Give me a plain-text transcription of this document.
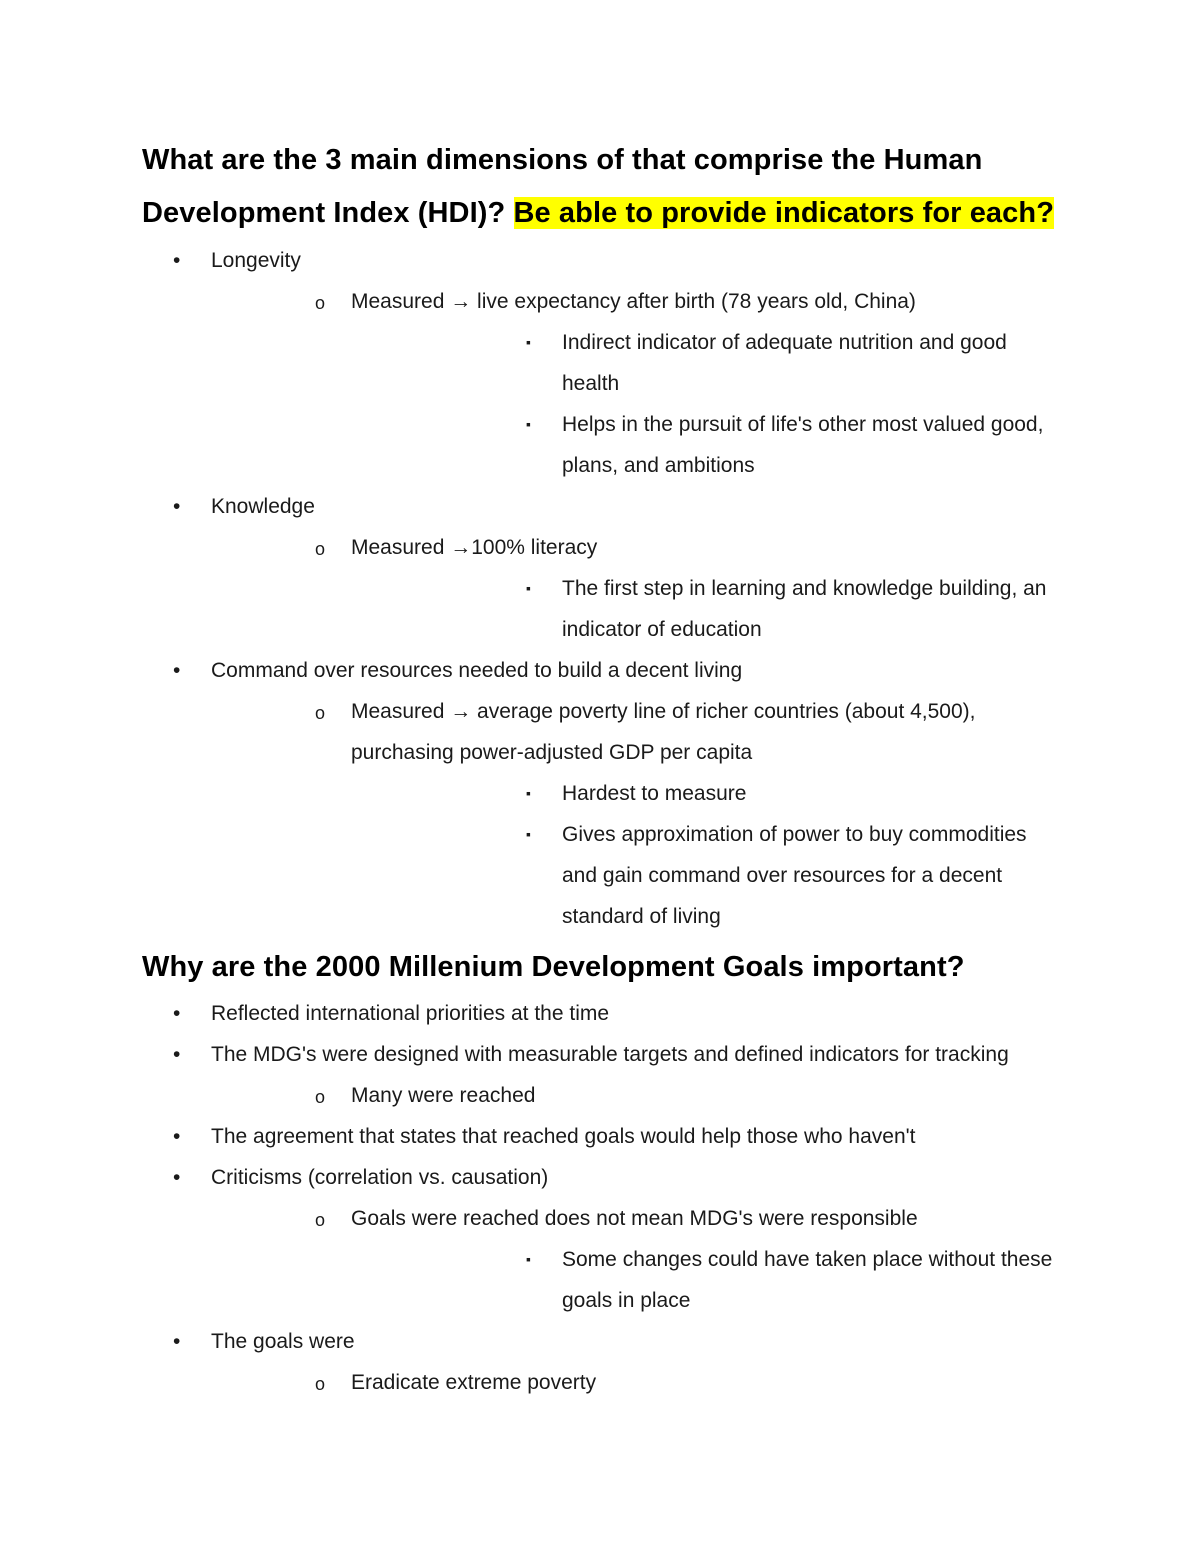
What are the 3 main dimensions of that comprise the Human Development Index (HDI)? Be able to provide indicators for each?
• Longevity
o Measured → live expectancy after birth (78 years old, China)
▪ Indirect indicator of adequate nutrition and good health
▪ Helps in the pursuit of life's other most valued good, plans, and ambitions
• Knowledge
o Measured →100% literacy
▪ The first step in learning and knowledge building, an indicator of education
• Command over resources needed to build a decent living
o Measured → average poverty line of richer countries (about 4,500), purchasing power-adjusted GDP per capita
▪ Hardest to measure
▪ Gives approximation of power to buy commodities and gain command over resources for a decent standard of living
Why are the 2000 Millenium Development Goals important?
• Reflected international priorities at the time
• The MDG's were designed with measurable targets and defined indicators for tracking
o Many were reached
• The agreement that states that reached goals would help those who haven't
• Criticisms (correlation vs. causation)
o Goals were reached does not mean MDG's were responsible
▪ Some changes could have taken place without these goals in place
• The goals were
o Eradicate extreme poverty
